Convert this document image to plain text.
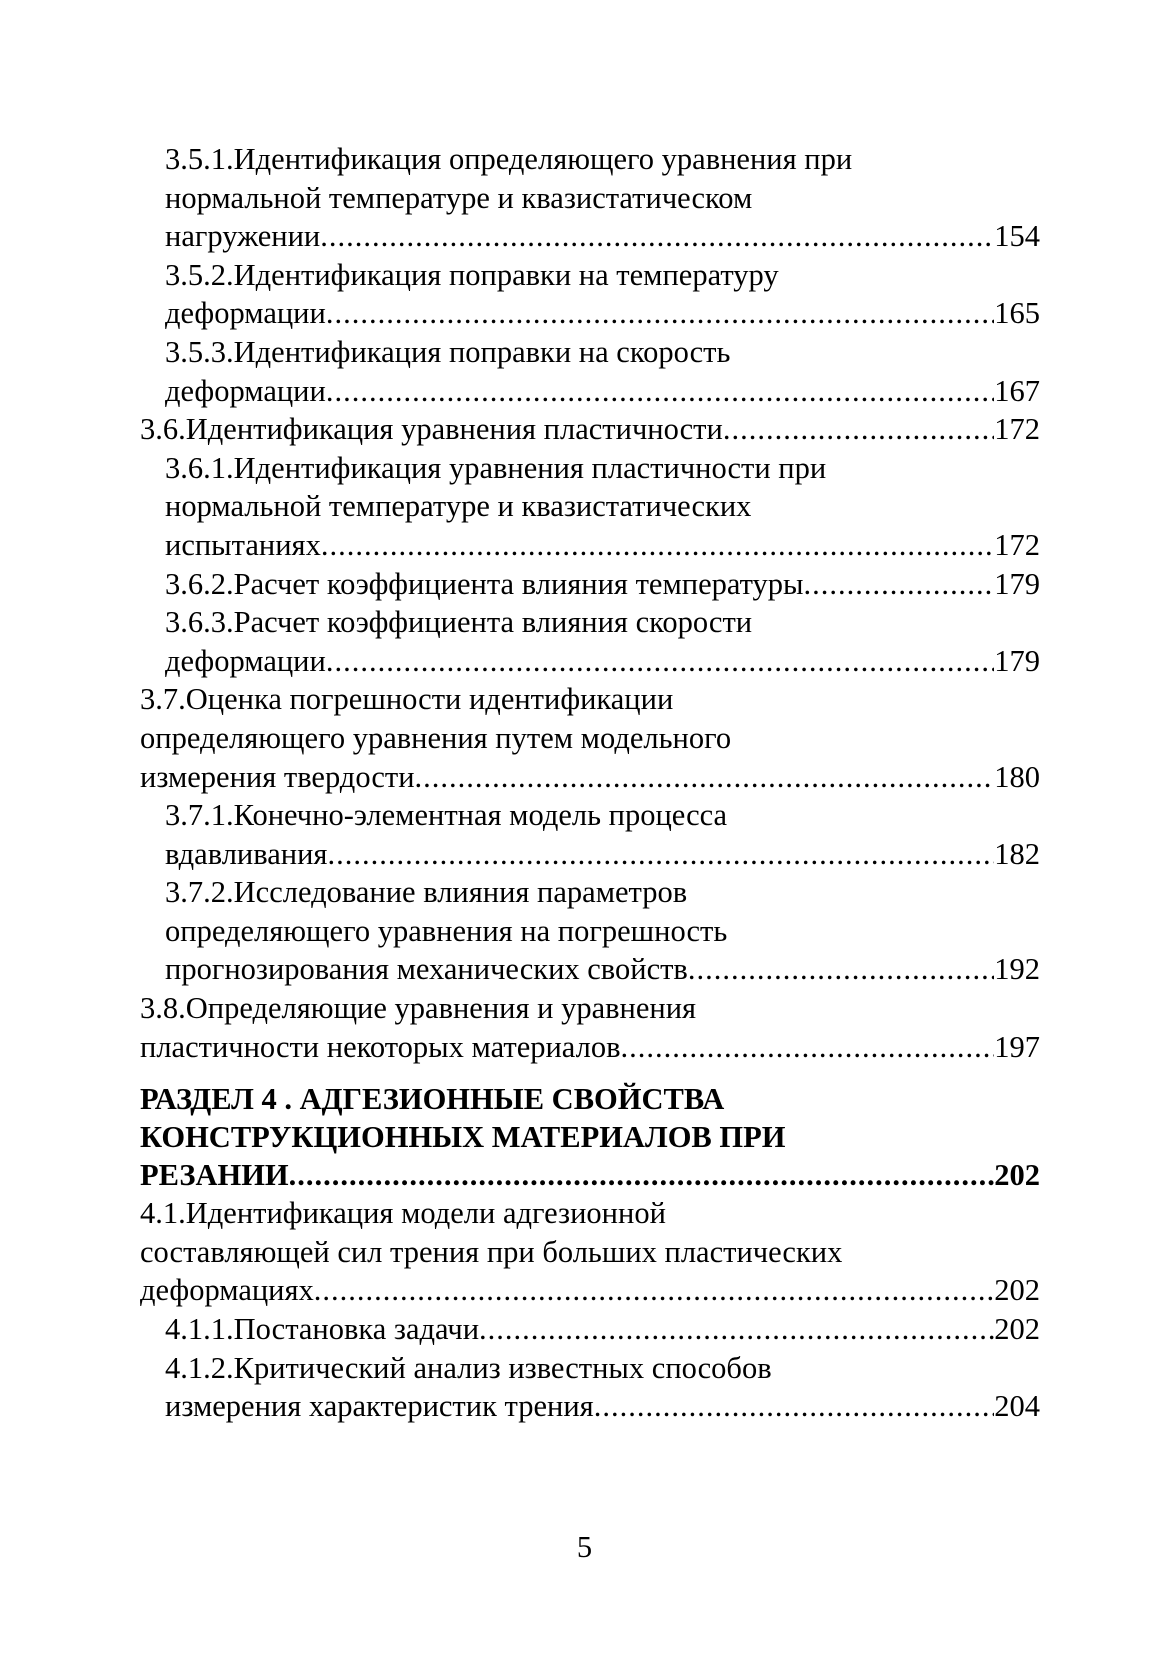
3.5.1.Идентификация определяющего уравнения при
нормальной температуре и квазистатическом
нагружении .....	154
3.5.2.Идентификация поправки на температуру
деформации .....	165
3.5.3.Идентификация поправки на скорость
деформации .....	167
3.6.Идентификация уравнения пластичности .....	172
3.6.1.Идентификация уравнения пластичности при
нормальной температуре и квазистатических
испытаниях .....	172
3.6.2.Расчет коэффициента влияния температуры .....	179
3.6.3.Расчет коэффициента влияния скорости
деформации .....	179
3.7.Оценка погрешности идентификации
определяющего уравнения путем модельного
измерения твердости .....	180
3.7.1.Конечно-элементная модель процесса
вдавливания .....	182
3.7.2.Исследование влияния параметров
определяющего уравнения на погрешность
прогнозирования механических свойств .....	192
3.8.Определяющие уравнения и уравнения
пластичности некоторых материалов .....	197
РАЗДЕЛ 4 . АДГЕЗИОННЫЕ СВОЙСТВА
КОНСТРУКЦИОННЫХ МАТЕРИАЛОВ ПРИ
РЕЗАНИИ .....	202
4.1.Идентификация модели адгезионной
составляющей сил трения при больших пластических
деформациях .....	202
4.1.1.Постановка задачи .....	202
4.1.2.Критический анализ известных способов
измерения характеристик трения .....	204
5
